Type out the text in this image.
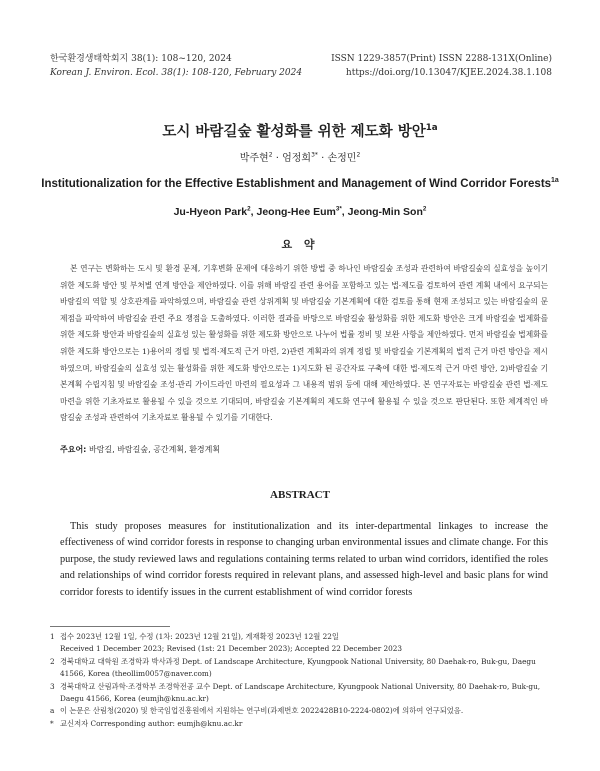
한국환경생태학회지 38(1): 108~120, 2024
Korean J. Environ. Ecol. 38(1): 108-120, February 2024
ISSN 1229-3857(Print) ISSN 2288-131X(Online)
https://doi.org/10.13047/KJEE.2024.38.1.108
도시 바람길숲 활성화를 위한 제도화 방안$^{1a}$
박주현$^2$ · 엄정희$^{3*}$ · 손정민$^2$
Institutionalization for the Effective Establishment and Management of Wind Corridor Forests$^{1a}$
Ju-Hyeon Park$^2$, Jeong-Hee Eum$^{3*}$, Jeong-Min Son$^2$
요 약
본 연구는 변화하는 도시 및 환경 문제, 기후변화 문제에 대응하기 위한 방법 중 하나인 바람길숲 조성과 관련하여 바람길숲의 실효성을 높이기 위한 제도화 방안 및 부처별 연계 방안을 제안하였다. 이를 위해 바람길 관련 용어를 포함하고 있는 법·제도를 검토하여 관련 계획 내에서 요구되는 바람길의 역할 및 상호관계를 파악하였으며, 바람길숲 관련 상위계획 및 바람길숲 기본계획에 대한 검토를 통해 현재 조성되고 있는 바람길숲의 문제점을 파악하여 바람길숲 관련 주요 쟁점을 도출하였다. 이러한 결과를 바탕으로 바람길숲 활성화를 위한 제도화 방안은 크게 바람길숲 법제화를 위한 제도화 방안과 바람길숲의 실효성 있는 활성화를 위한 제도화 방안으로 나누어 법률 정비 및 보완 사항을 제안하였다. 먼저 바람길숲 법제화를 위한 제도화 방안으로는 1)용어의 정립 및 법적·제도적 근거 마련, 2)관련 계획과의 위계 정립 및 바람길숲 기본계획의 법적 근거 마련 방안을 제시하였으며, 바람길숲의 실효성 있는 활성화를 위한 제도화 방안으로는 1)지도화 된 공간자료 구축에 대한 법·제도적 근거 마련 방안, 2)바람길숲 기본계획 수립지침 및 바람길숲 조성·관리 가이드라인 마련의 필요성과 그 내용적 범위 등에 대해 제안하였다. 본 연구자료는 바람길숲 관련 법·제도 마련을 위한 기초자료로 활용될 수 있을 것으로 기대되며, 바람길숲 기본계획의 제도화 연구에 활용될 수 있을 것으로 판단된다. 또한 체계적인 바람길숲 조성과 관련하여 기초자료로 활용될 수 있기를 기대한다.
주요어: 바람길, 바람길숲, 공간계획, 환경계획
ABSTRACT
This study proposes measures for institutionalization and its inter-departmental linkages to increase the effectiveness of wind corridor forests in response to changing urban environmental issues and climate change. For this purpose, the study reviewed laws and regulations containing terms related to urban wind corridors, identified the roles and relationships of wind corridor forests required in relevant plans, and assessed high-level and basic plans for wind corridor forests to identify issues in the current establishment of wind corridor forests
1 접수 2023년 12월 1일, 수정 (1차: 2023년 12월 21일), 게재확정 2023년 12월 22일
Received 1 December 2023; Revised (1st: 21 December 2023); Accepted 22 December 2023
2 경북대학교 대학원 조경학과 박사과정 Dept. of Landscape Architecture, Kyungpook National University, 80 Daehak-ro, Buk-gu, Daegu 41566, Korea (theollim0057@naver.com)
3 경북대학교 산림과학·조경학부 조경학전공 교수 Dept. of Landscape Architecture, Kyungpook National University, 80 Daehak-ro, Buk-gu, Daegu 41566, Korea (eumjh@knu.ac.kr)
a 이 논문은 산림청(2020) 및 한국임업진흥원에서 지원하는 연구비(과제번호 2022428B10-2224-0802)에 의하여 연구되었음.
* 교신저자 Corresponding author: eumjh@knu.ac.kr
